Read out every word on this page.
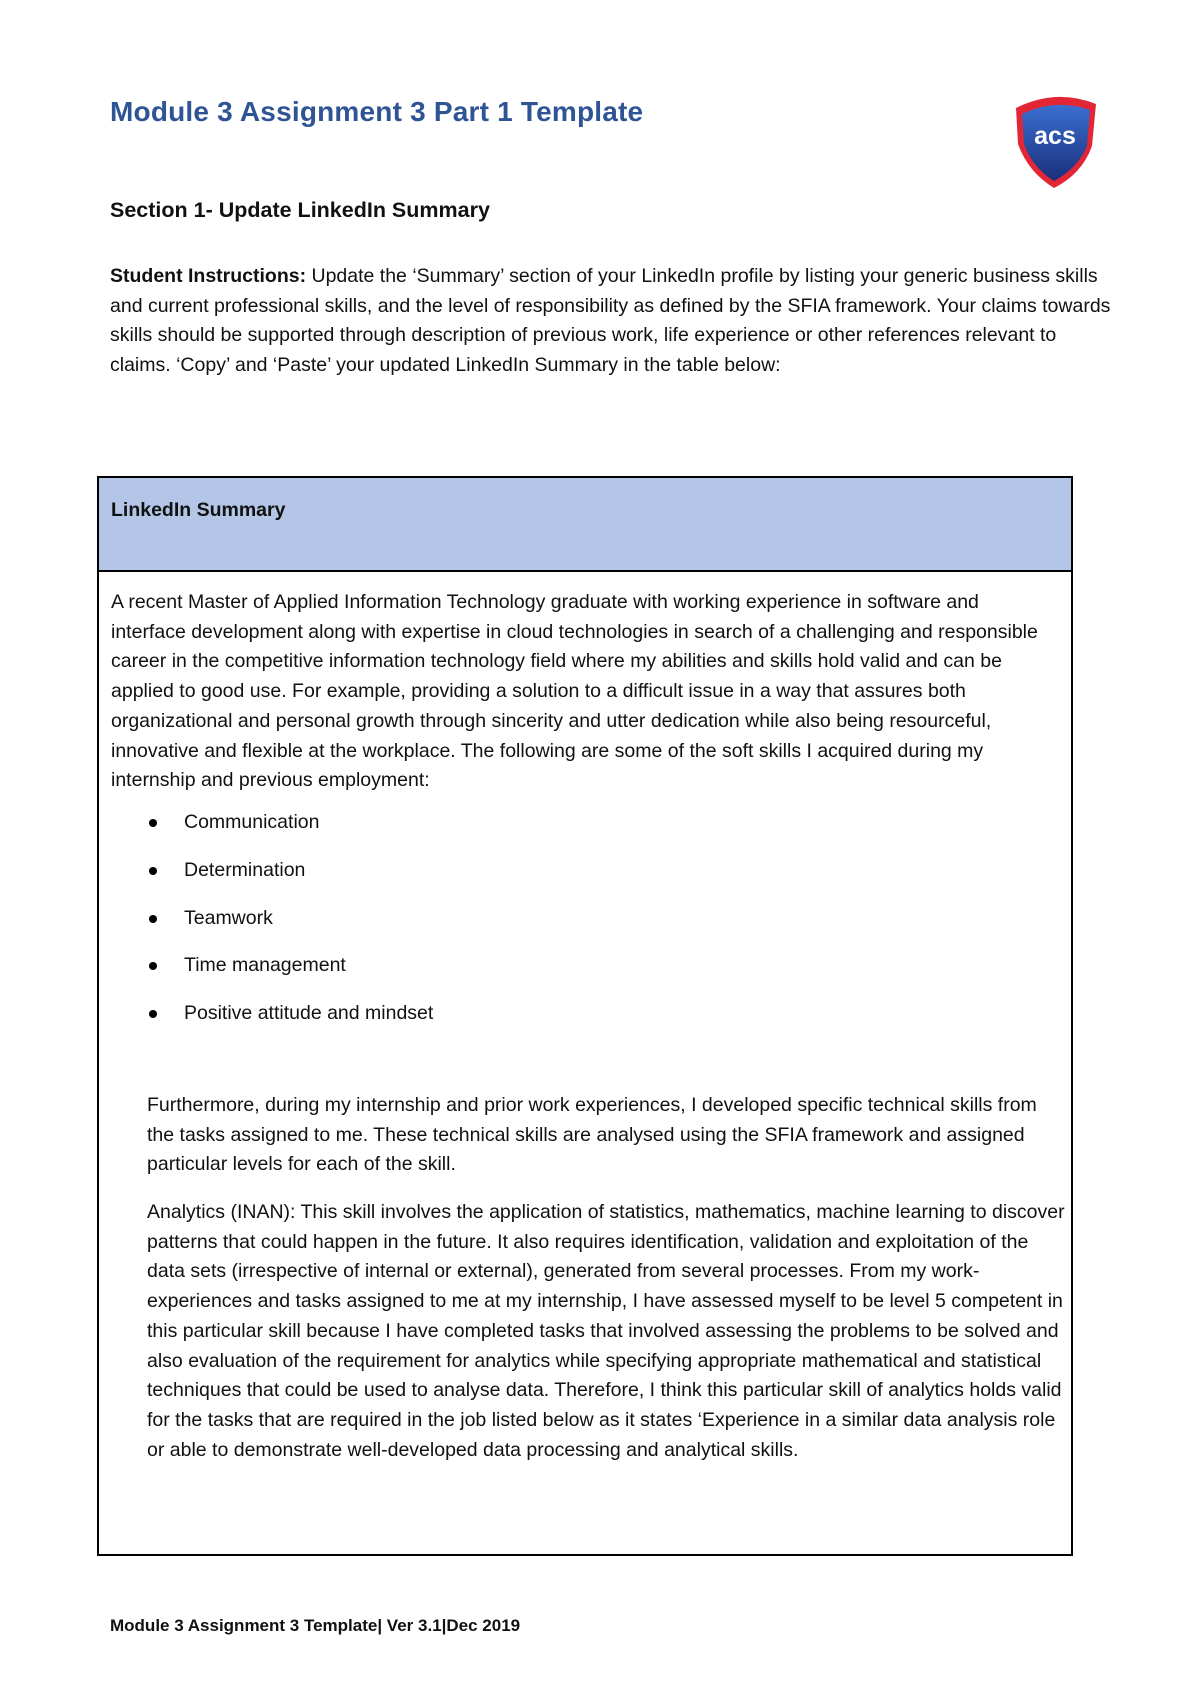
Module 3 Assignment 3 Part 1 Template
acs
Section 1- Update LinkedIn Summary
Student Instructions: Update the ‘Summary’ section of your LinkedIn profile by listing your generic business skills and current professional skills, and the level of responsibility as defined by the SFIA framework. Your claims towards skills should be supported through description of previous work, life experience or other references relevant to claims. ‘Copy’ and ‘Paste’ your updated LinkedIn Summary in the table below:
LinkedIn Summary

A recent Master of Applied Information Technology graduate with working experience in software and interface development along with expertise in cloud technologies in search of a challenging and responsible career in the competitive information technology field where my abilities and skills hold valid and can be applied to good use. For example, providing a solution to a difficult issue in a way that assures both organizational and personal growth through sincerity and utter dedication while also being resourceful, innovative and flexible at the workplace. The following are some of the soft skills I acquired during my internship and previous employment:

Communication
Determination
Teamwork
Time management
Positive attitude and mindset

Furthermore, during my internship and prior work experiences, I developed specific technical skills from the tasks assigned to me. These technical skills are analysed using the SFIA framework and assigned particular levels for each of the skill.

Analytics (INAN): This skill involves the application of statistics, mathematics, machine learning to discover patterns that could happen in the future. It also requires identification, validation and exploitation of the data sets (irrespective of internal or external), generated from several processes. From my work-experiences and tasks assigned to me at my internship, I have assessed myself to be level 5 competent in this particular skill because I have completed tasks that involved assessing the problems to be solved and also evaluation of the requirement for analytics while specifying appropriate mathematical and statistical techniques that could be used to analyse data. Therefore, I think this particular skill of analytics holds valid for the tasks that are required in the job listed below as it states ‘Experience in a similar data analysis role or able to demonstrate well-developed data processing and analytical skills.

Module 3 Assignment 3 Template| Ver 3.1|Dec 2019
